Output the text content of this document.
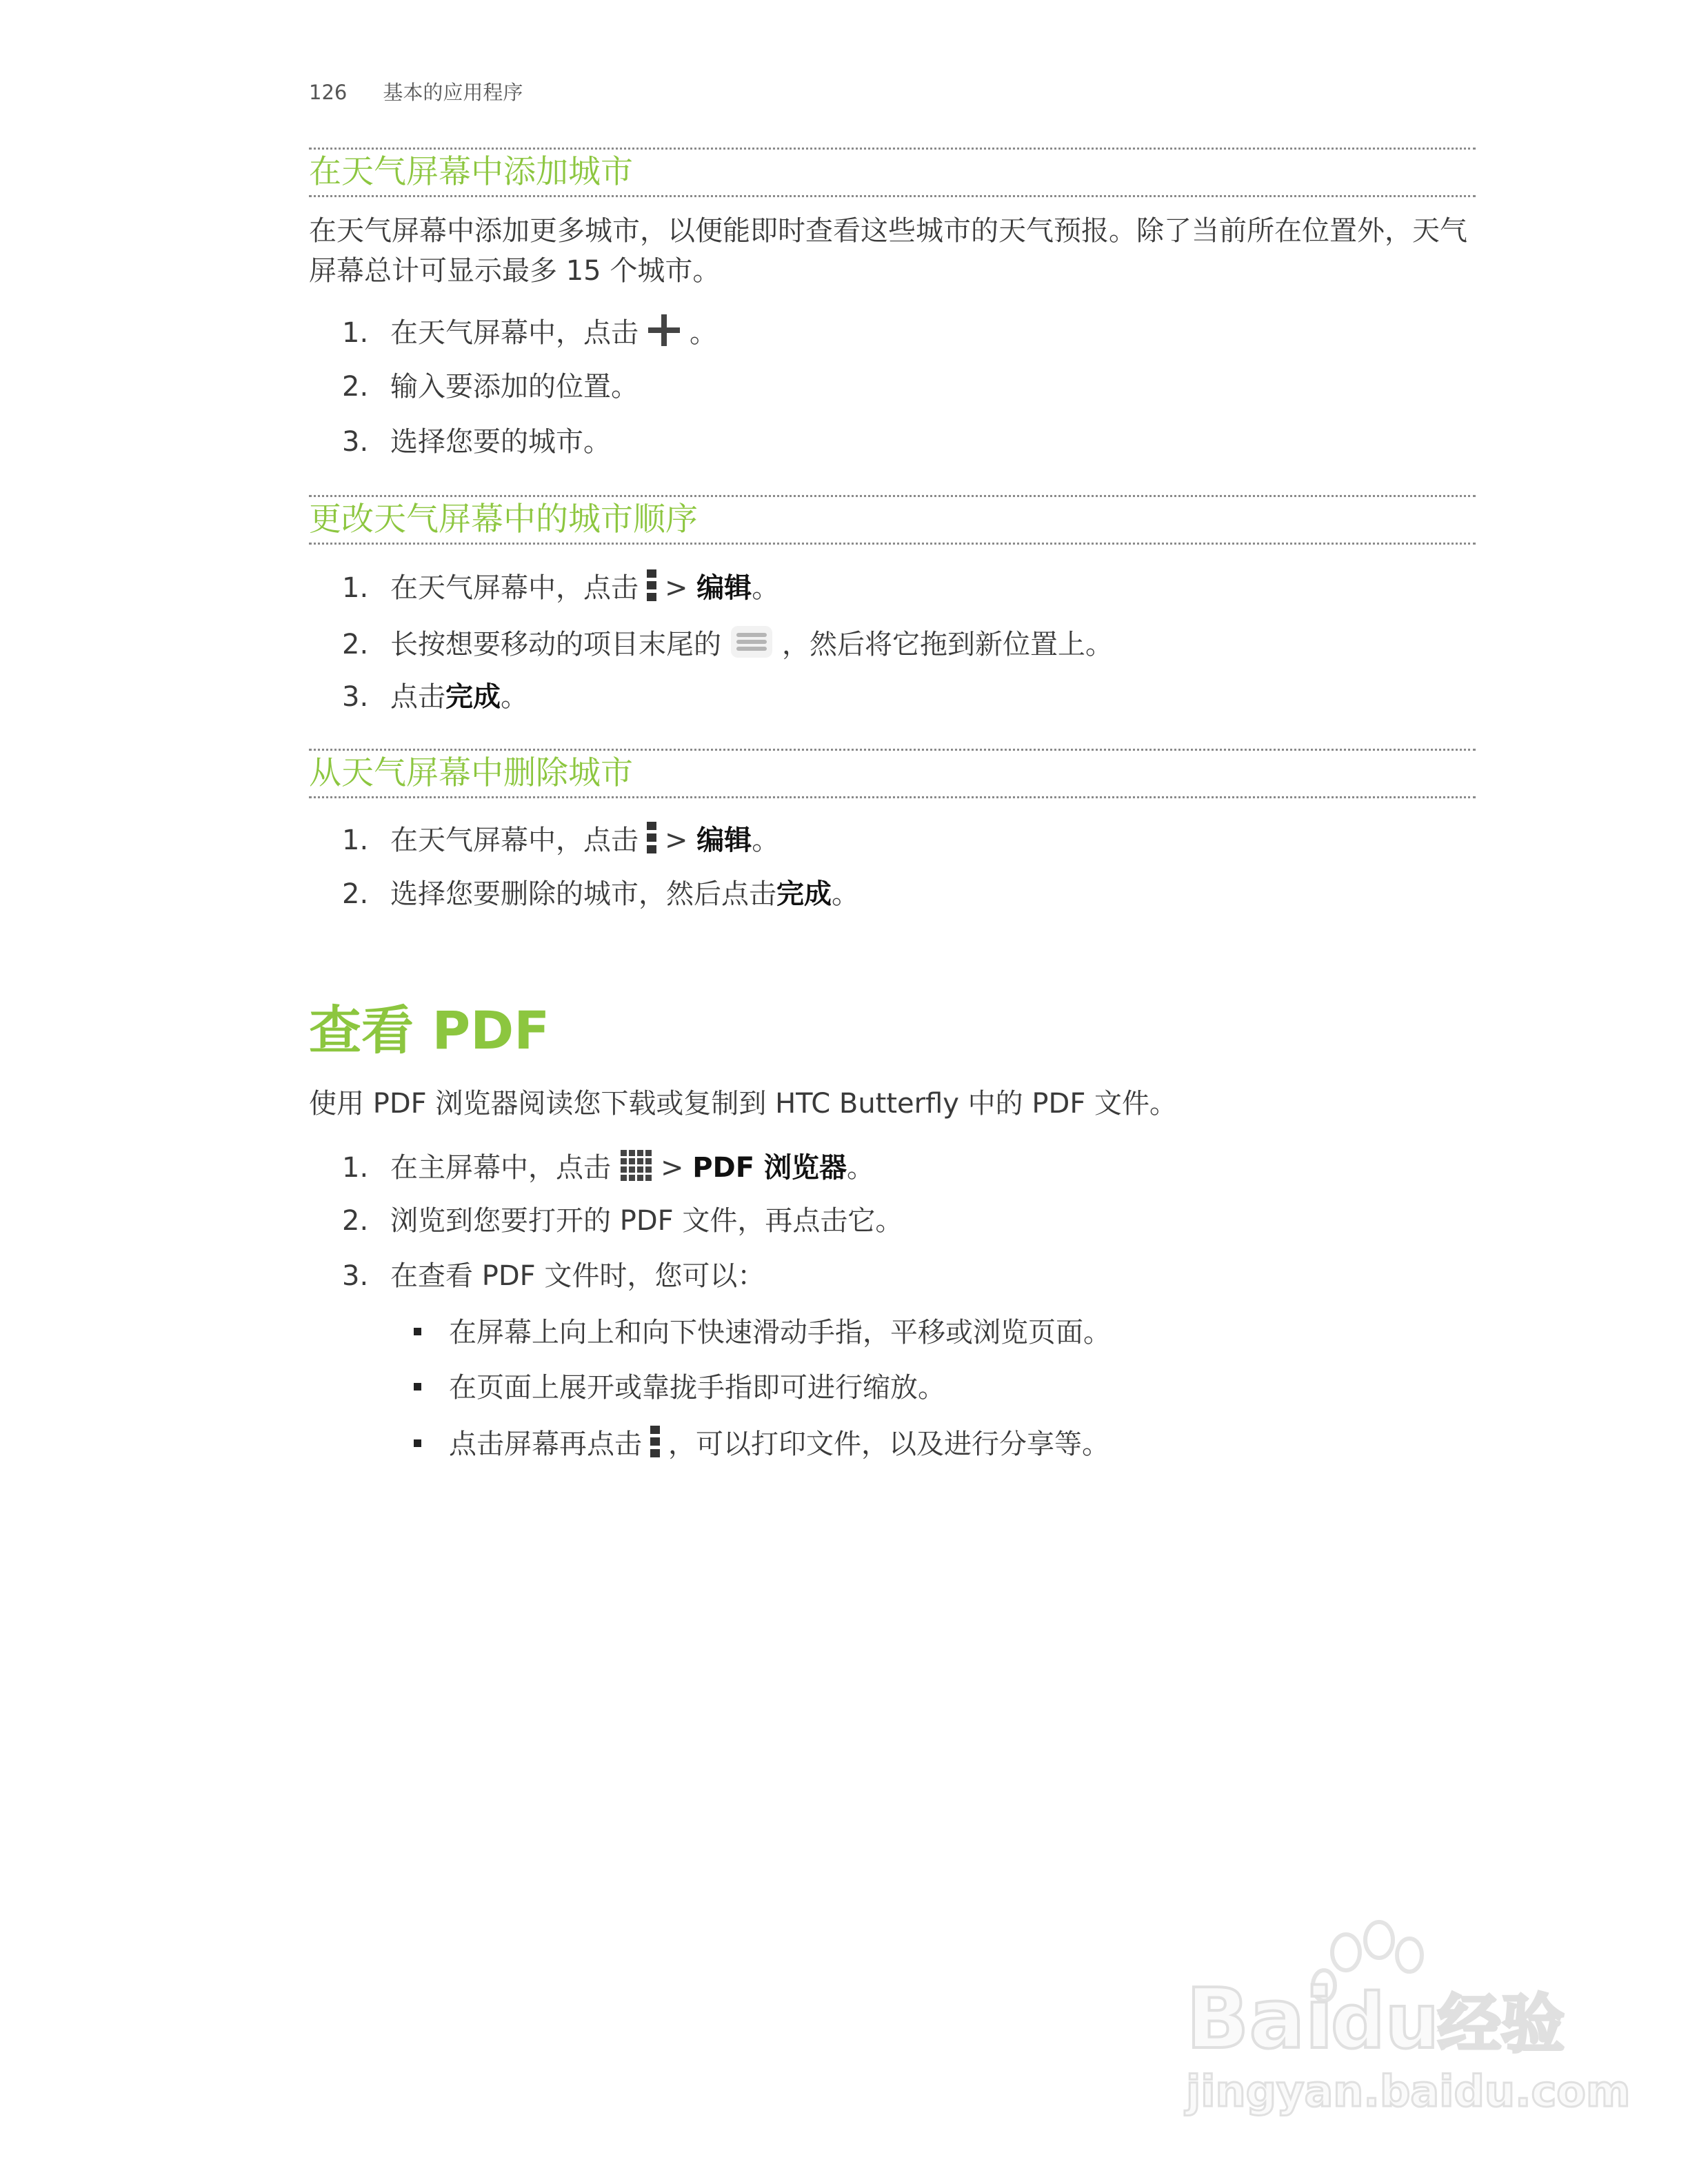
126 基本的应用程序
在天气屏幕中添加城市
在天气屏幕中添加更多城市，以便能即时查看这些城市的天气预报。除了当前所在位置外，天气
屏幕总计可显示最多 15 个城市。
1. 在天气屏幕中，点击 。
2. 输入要添加的位置。
3. 选择您要的城市。
更改天气屏幕中的城市顺序
1. 在天气屏幕中，点击 > 编辑。
2. 长按想要移动的项目末尾的 ，然后将它拖到新位置上。
3. 点击完成。
从天气屏幕中删除城市
1. 在天气屏幕中，点击 > 编辑。
2. 选择您要删除的城市，然后点击完成。
查看 PDF
使用 PDF 浏览器阅读您下载或复制到 HTC Butterfly 中的 PDF 文件。
1. 在主屏幕中，点击 > PDF 浏览器。
2. 浏览到您要打开的 PDF 文件，再点击它。
3. 在查看 PDF 文件时，您可以：
在屏幕上向上和向下快速滑动手指，平移或浏览页面。
在页面上展开或靠拢手指即可进行缩放。
点击屏幕再点击 ，可以打印文件，以及进行分享等。
Bai
du
经验
jingyan.baidu.com
